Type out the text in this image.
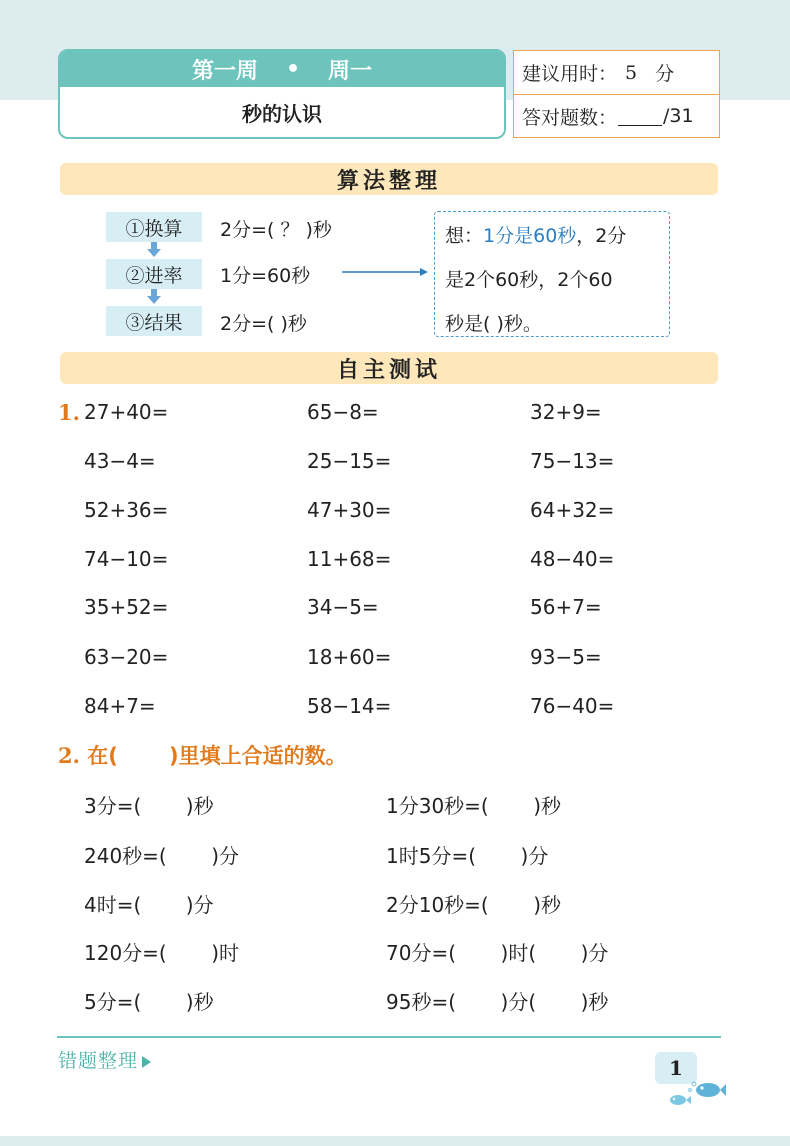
第一周 • 周一
秒的认识
建议用时： 5 分
答对题数： /31
算法整理
①换算
②进率
③结果
2分=( ？ )秒
1分=60秒
2分=( )秒
想：1分是60秒，2分
是2个60秒，2个60
秒是( )秒。
自主测试
1. 27+40=	65−8=	32+9=
43−4=	25−15=	75−13=
52+36=	47+30=	64+32=
74−10=	11+68=	48−40=
35+52=	34−5=	56+7=
63−20=	18+60=	93−5=
84+7=	58−14=	76−40=
2. 在(       )里填上合适的数。
3分=(       )秒	1分30秒=(       )秒
240秒=(       )分	1时5分=(       )分
4时=(       )分	2分10秒=(       )秒
120分=(       )时	70分=(       )时(       )分
5分=(       )秒	95秒=(       )分(       )秒
错题整理	1
